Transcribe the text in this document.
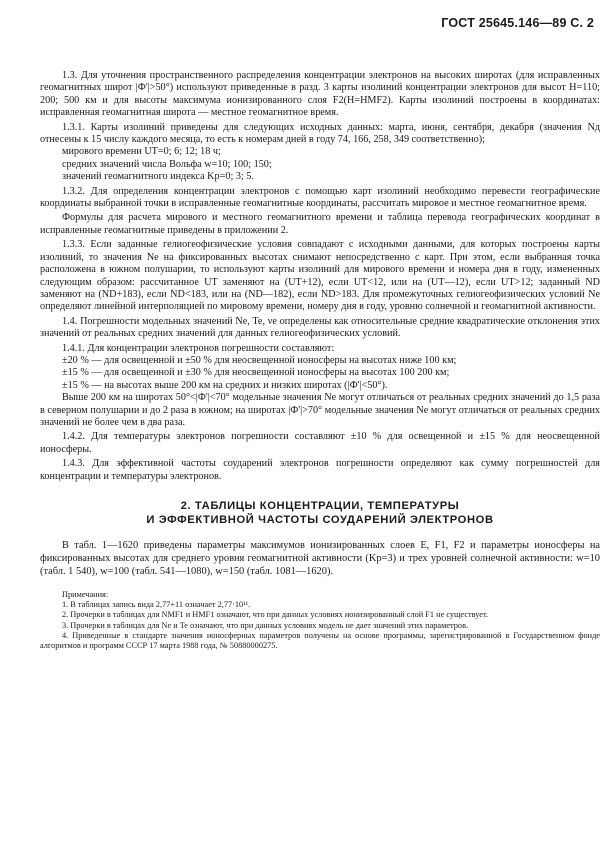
ГОСТ 25645.146—89 С. 2

1.3. Для уточнения пространственного распределения концентрации электронов на высоких широтах (для исправленных геомагнитных широт |Ф'|>50°) используют приведенные в разд. 3 карты изолиний концентрации электронов для высот H=110; 200; 500 км и для высоты максимума ионизированного слоя F2(H=HMF2). Карты изолиний построены в координатах: исправленная геомагнитная широта — местное геомагнитное время.

1.3.1. Карты изолиний приведены для следующих исходных данных: марта, июня, сентября, декабря (значения Nд отнесены к 15 числу каждого месяца, то есть к номерам дней в году 74, 166, 258, 349 соответственно);

мирового времени UT=0; 6; 12; 18 ч;

средних значений числа Вольфа w=10; 100; 150;

значений геомагнитного индекса Kp=0; 3; 5.

1.3.2. Для определения концентрации электронов с помощью карт изолиний необходимо перевести географические координаты выбранной точки в исправленные геомагнитные координаты, рассчитать мировое и местное геомагнитное время.

Формулы для расчета мирового и местного геомагнитного времени и таблица перевода географических координат в исправленные геомагнитные приведены в приложении 2.

1.3.3. Если заданные гелиогеофизические условия совпадают с исходными данными, для которых построены карты изолиний, то значения Ne на фиксированных высотах снимают непосредственно с карт. При этом, если выбранная точка расположена в южном полушарии, то используют карты изолиний для мирового времени и номера дня в году, измененных следующим образом: рассчитанное UT заменяют на (UT+12), если UT<12, или на (UT—12), если UT>12; заданный ND заменяют на (ND+183), если ND<183, или на (ND—182), если ND>183. Для промежуточных гелиогеофизических условий Ne определяют линейной интерполяцией по мировому времени, номеру дня в году, уровню солнечной и геомагнитной активности.

1.4. Погрешности модельных значений Ne, Te, νe определены как относительные средние квадратические отклонения этих значений от реальных средних значений для данных гелиогеофизических условий.

1.4.1. Для концентрации электронов погрешности составляют:

±20 % — для освещенной и ±50 % для неосвещенной ионосферы на высотах ниже 100 км;

±15 % — для освещенной и ±30 % для неосвещенной ионосферы на высотах 100 200 км;

±15 % — на высотах выше 200 км на средних и низких широтах (|Ф'|<50°).

Выше 200 км на широтах 50°<|Ф'|<70° модельные значения Ne могут отличаться от реальных средних значений до 1,5 раза в северном полушарии и до 2 раза в южном; на широтах |Ф'|>70° модельные значения Ne могут отличаться от реальных средних значений не более чем в два раза.

1.4.2. Для температуры электронов погрешности составляют ±10 % для освещенной и ±15 % для неосвещенной ионосферы.

1.4.3. Для эффективной частоты соударений электронов погрешности определяют как сумму погрешностей для концентрации и температуры электронов.

2. ТАБЛИЦЫ КОНЦЕНТРАЦИИ, ТЕМПЕРАТУРЫ
И ЭФФЕКТИВНОЙ ЧАСТОТЫ СОУДАРЕНИЙ ЭЛЕКТРОНОВ

В табл. 1—1620 приведены параметры максимумов ионизированных слоев E, F1, F2 и параметры ионосферы на фиксированных высотах для среднего уровня геомагнитной активности (Kp=3) и трех уровней солнечной активности: w=10 (табл. 1 540), w=100 (табл. 541—1080), w=150 (табл. 1081—1620).

Примечания:

1. В таблицах запись вида 2,77+11 означает 2,77·10¹¹.

2. Прочерки в таблицах для NMF1 и HMF1 означают, что при данных условиях ионизированный слой F1 не существует.

3. Прочерки в таблицах для Ne и Te означают, что при данных условиях модель не дает значений этих параметров.

4. Приведенные в стандарте значения ионосферных параметров получены на основе программы, зарегистрированной в Государственном фонде алгоритмов и программ СССР 17 марта 1988 года, № 50880000275.
